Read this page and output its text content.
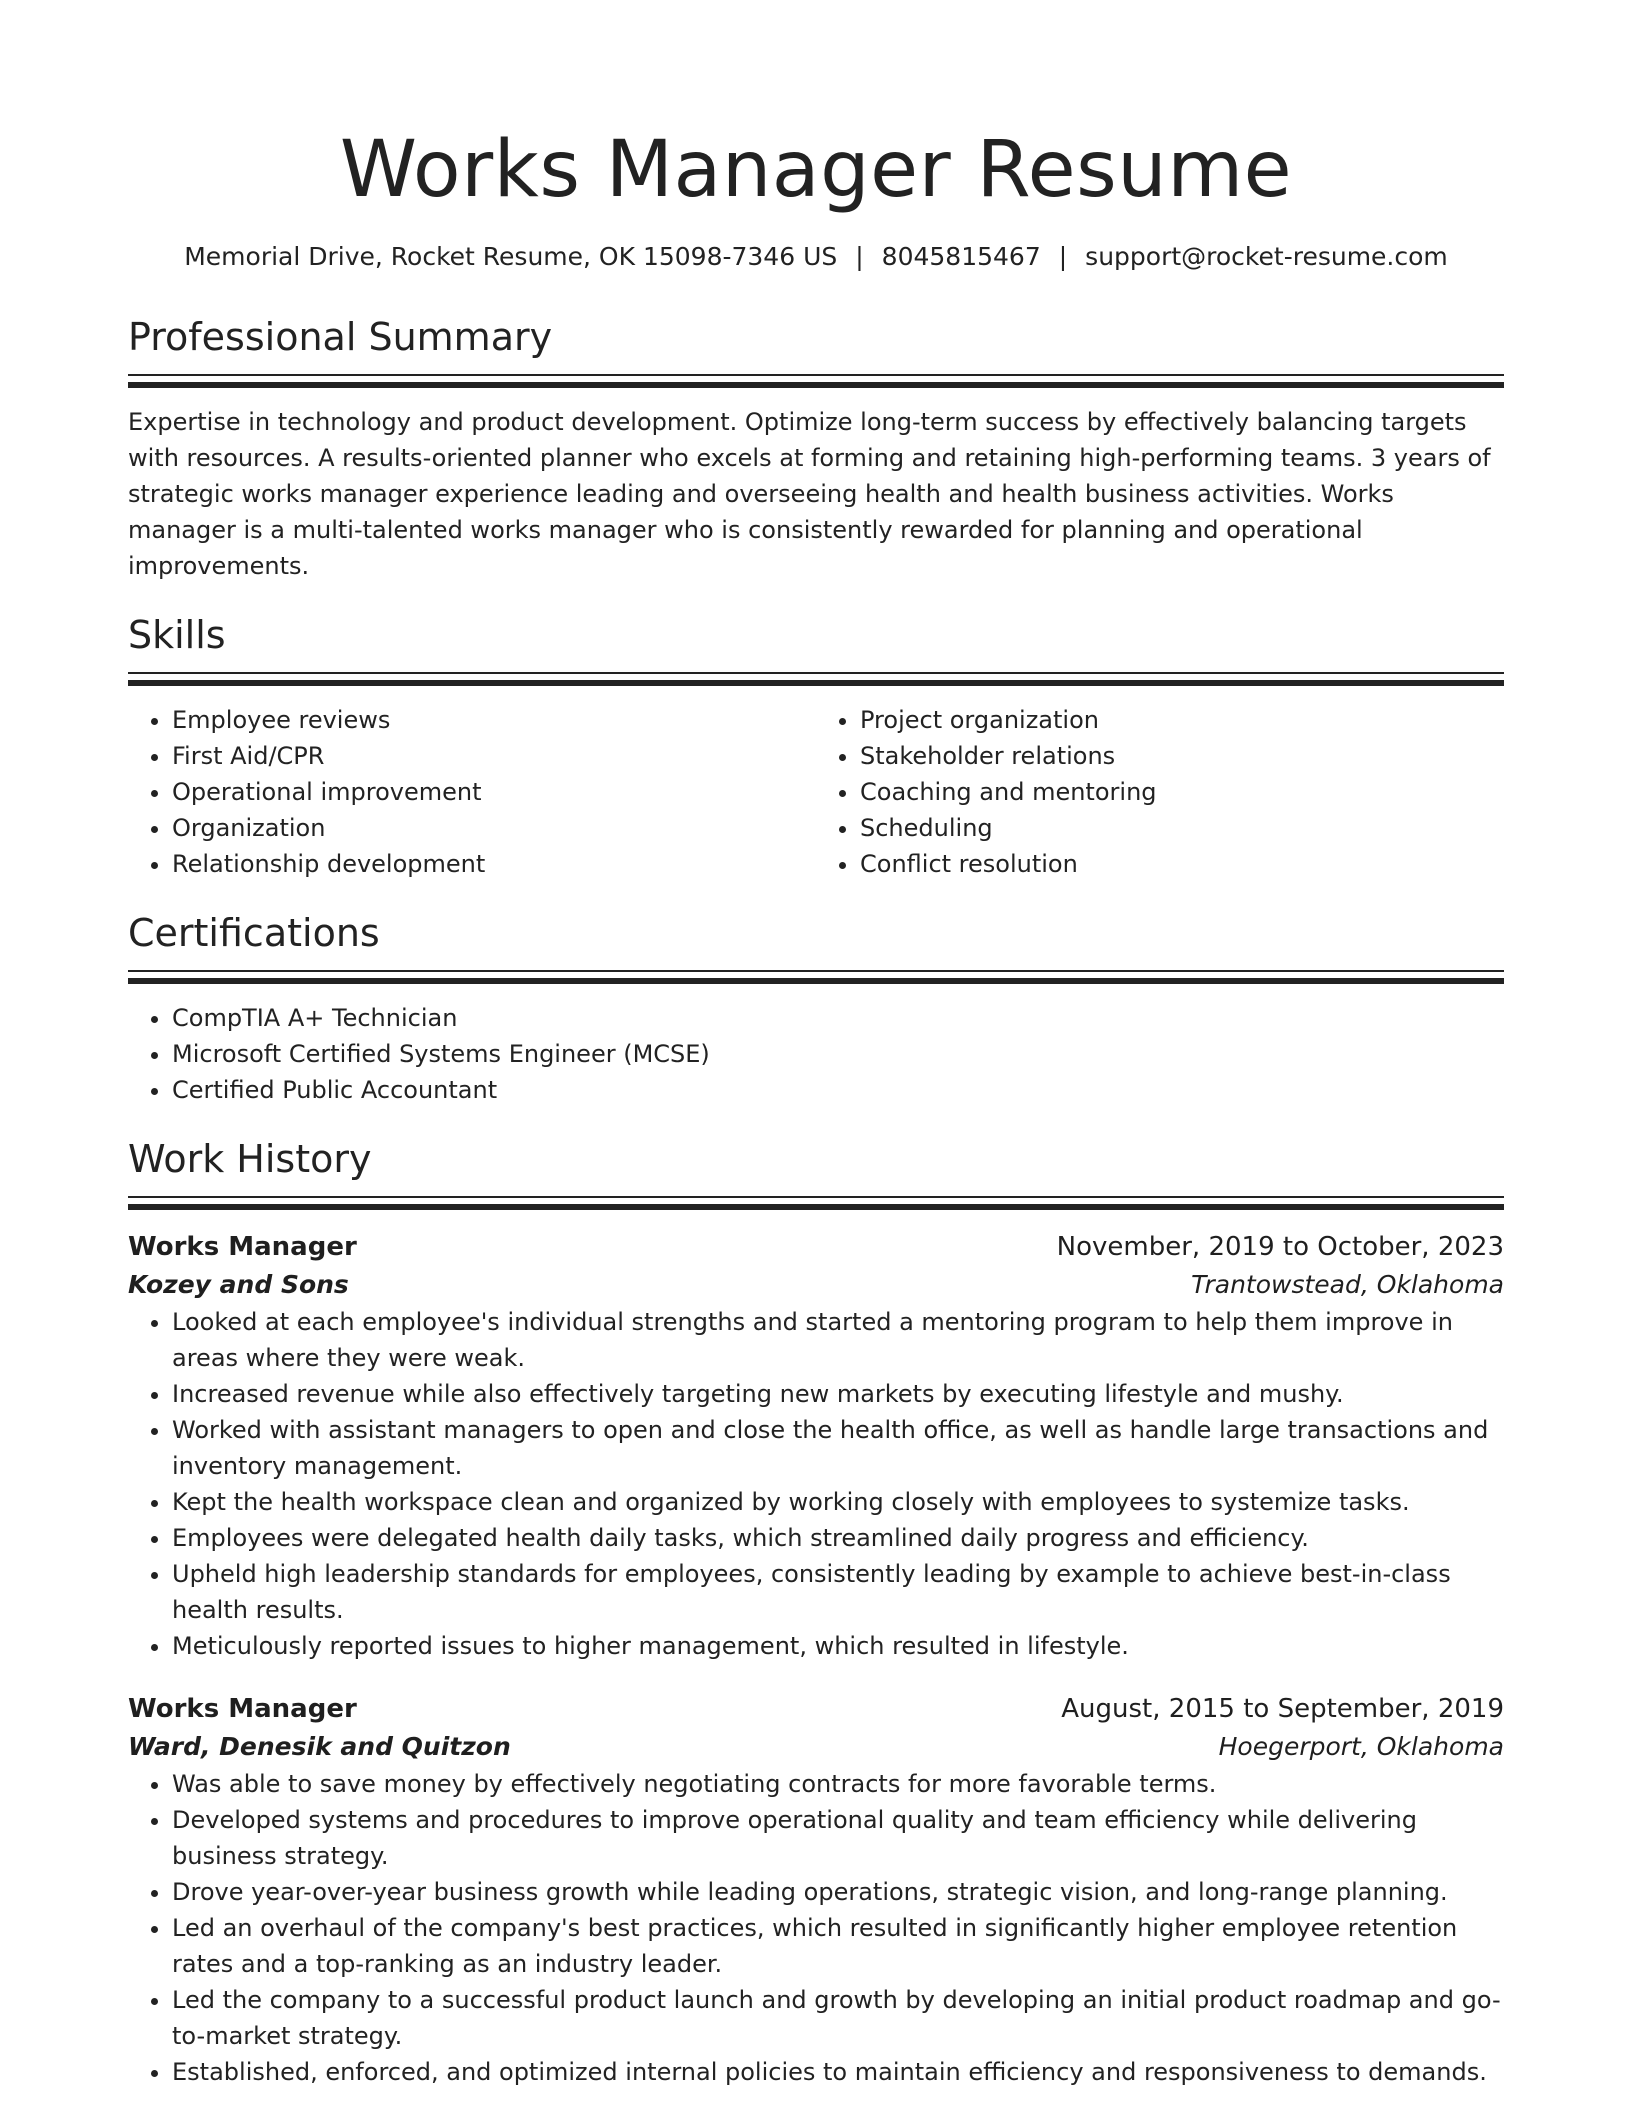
Works Manager Resume
Memorial Drive, Rocket Resume, OK 15098-7346 US | 8045815467 | support@rocket-resume.com
Professional Summary

Expertise in technology and product development. Optimize long-term success by effectively balancing targets with resources. A results-oriented planner who excels at forming and retaining high-performing teams. 3 years of strategic works manager experience leading and overseeing health and health business activities. Works manager is a multi-talented works manager who is consistently rewarded for planning and operational improvements.

Skills
• Employee reviews
• First Aid/CPR
• Operational improvement
• Organization
• Relationship development
• Project organization
• Stakeholder relations
• Coaching and mentoring
• Scheduling
• Conflict resolution
Certifications
• CompTIA A+ Technician
• Microsoft Certified Systems Engineer (MCSE)
• Certified Public Accountant
Work History
Works Manager	November, 2019 to October, 2023
Kozey and Sons	Trantowstead, Oklahoma
• Looked at each employee's individual strengths and started a mentoring program to help them improve in areas where they were weak.
• Increased revenue while also effectively targeting new markets by executing lifestyle and mushy.
• Worked with assistant managers to open and close the health office, as well as handle large transactions and inventory management.
• Kept the health workspace clean and organized by working closely with employees to systemize tasks.
• Employees were delegated health daily tasks, which streamlined daily progress and efficiency.
• Upheld high leadership standards for employees, consistently leading by example to achieve best-in-class health results.
• Meticulously reported issues to higher management, which resulted in lifestyle.
Works Manager	August, 2015 to September, 2019
Ward, Denesik and Quitzon	Hoegerport, Oklahoma
• Was able to save money by effectively negotiating contracts for more favorable terms.
• Developed systems and procedures to improve operational quality and team efficiency while delivering business strategy.
• Drove year-over-year business growth while leading operations, strategic vision, and long-range planning.
• Led an overhaul of the company's best practices, which resulted in significantly higher employee retention rates and a top-ranking as an industry leader.
• Led the company to a successful product launch and growth by developing an initial product roadmap and go-to-market strategy.
• Established, enforced, and optimized internal policies to maintain efficiency and responsiveness to demands.
